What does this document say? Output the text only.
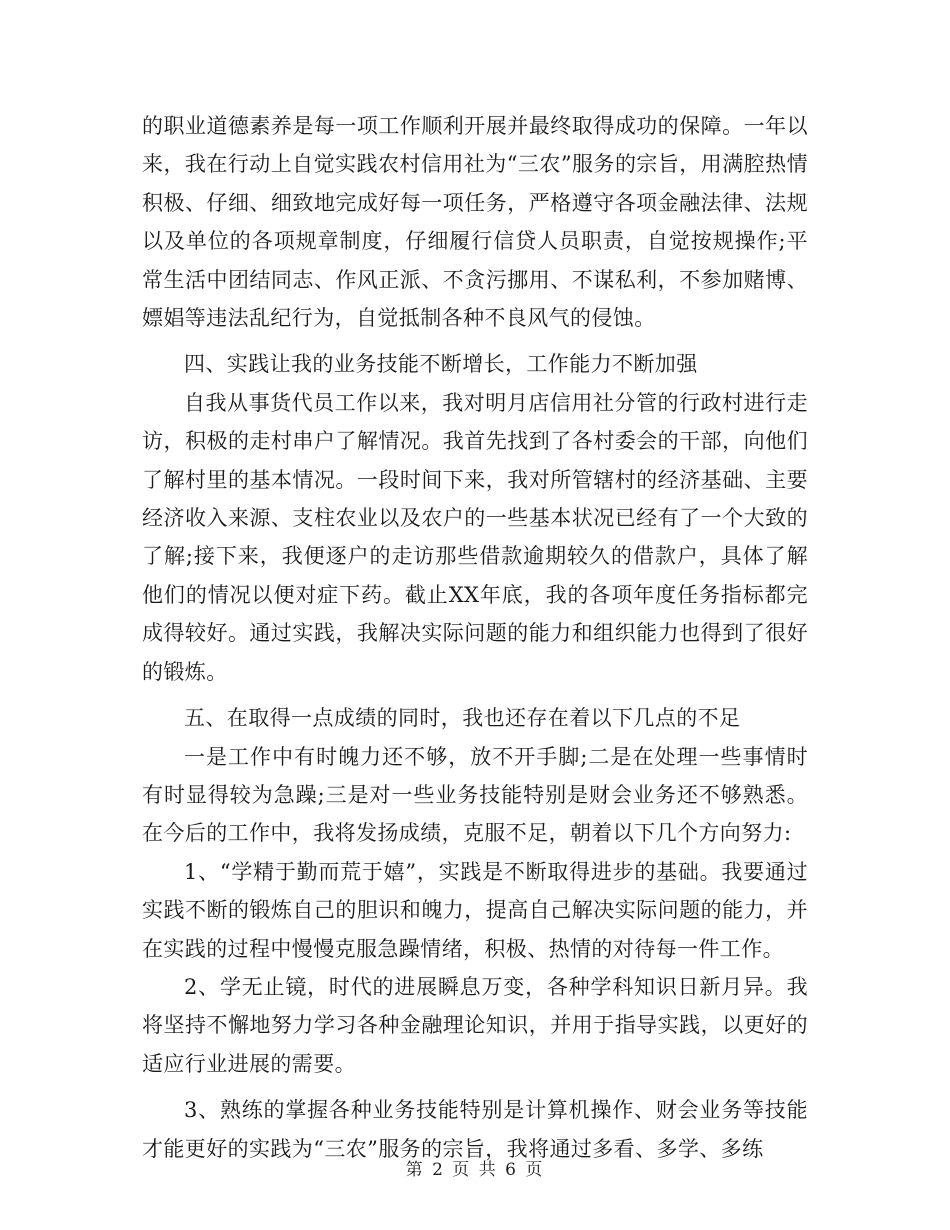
的职业道德素养是每一项工作顺利开展并最终取得成功的保障。一年以来，我在行动上自觉实践农村信用社为“三农”服务的宗旨，用满腔热情积极、仔细、细致地完成好每一项任务，严格遵守各项金融法律、法规以及单位的各项规章制度，仔细履行信贷人员职责，自觉按规操作;平常生活中团结同志、作风正派、不贪污挪用、不谋私利，不参加赌博、嫖娼等违法乱纪行为，自觉抵制各种不良风气的侵蚀。

四、实践让我的业务技能不断增长，工作能力不断加强

自我从事货代员工作以来，我对明月店信用社分管的行政村进行走访，积极的走村串户了解情况。我首先找到了各村委会的干部，向他们了解村里的基本情况。一段时间下来，我对所管辖村的经济基础、主要经济收入来源、支柱农业以及农户的一些基本状况已经有了一个大致的了解;接下来，我便逐户的走访那些借款逾期较久的借款户，具体了解他们的情况以便对症下药。截止XX年底，我的各项年度任务指标都完成得较好。通过实践，我解决实际问题的能力和组织能力也得到了很好的锻炼。

五、在取得一点成绩的同时，我也还存在着以下几点的不足

一是工作中有时魄力还不够，放不开手脚;二是在处理一些事情时有时显得较为急躁;三是对一些业务技能特别是财会业务还不够熟悉。在今后的工作中，我将发扬成绩，克服不足，朝着以下几个方向努力:

1、“学精于勤而荒于嬉”，实践是不断取得进步的基础。我要通过实践不断的锻炼自己的胆识和魄力，提高自己解决实际问题的能力，并在实践的过程中慢慢克服急躁情绪，积极、热情的对待每一件工作。

2、学无止镜，时代的进展瞬息万变，各种学科知识日新月异。我将坚持不懈地努力学习各种金融理论知识，并用于指导实践，以更好的适应行业进展的需要。

3、熟练的掌握各种业务技能特别是计算机操作、财会业务等技能才能更好的实践为“三农”服务的宗旨，我将通过多看、多学、多练

第 2 页 共 6 页
